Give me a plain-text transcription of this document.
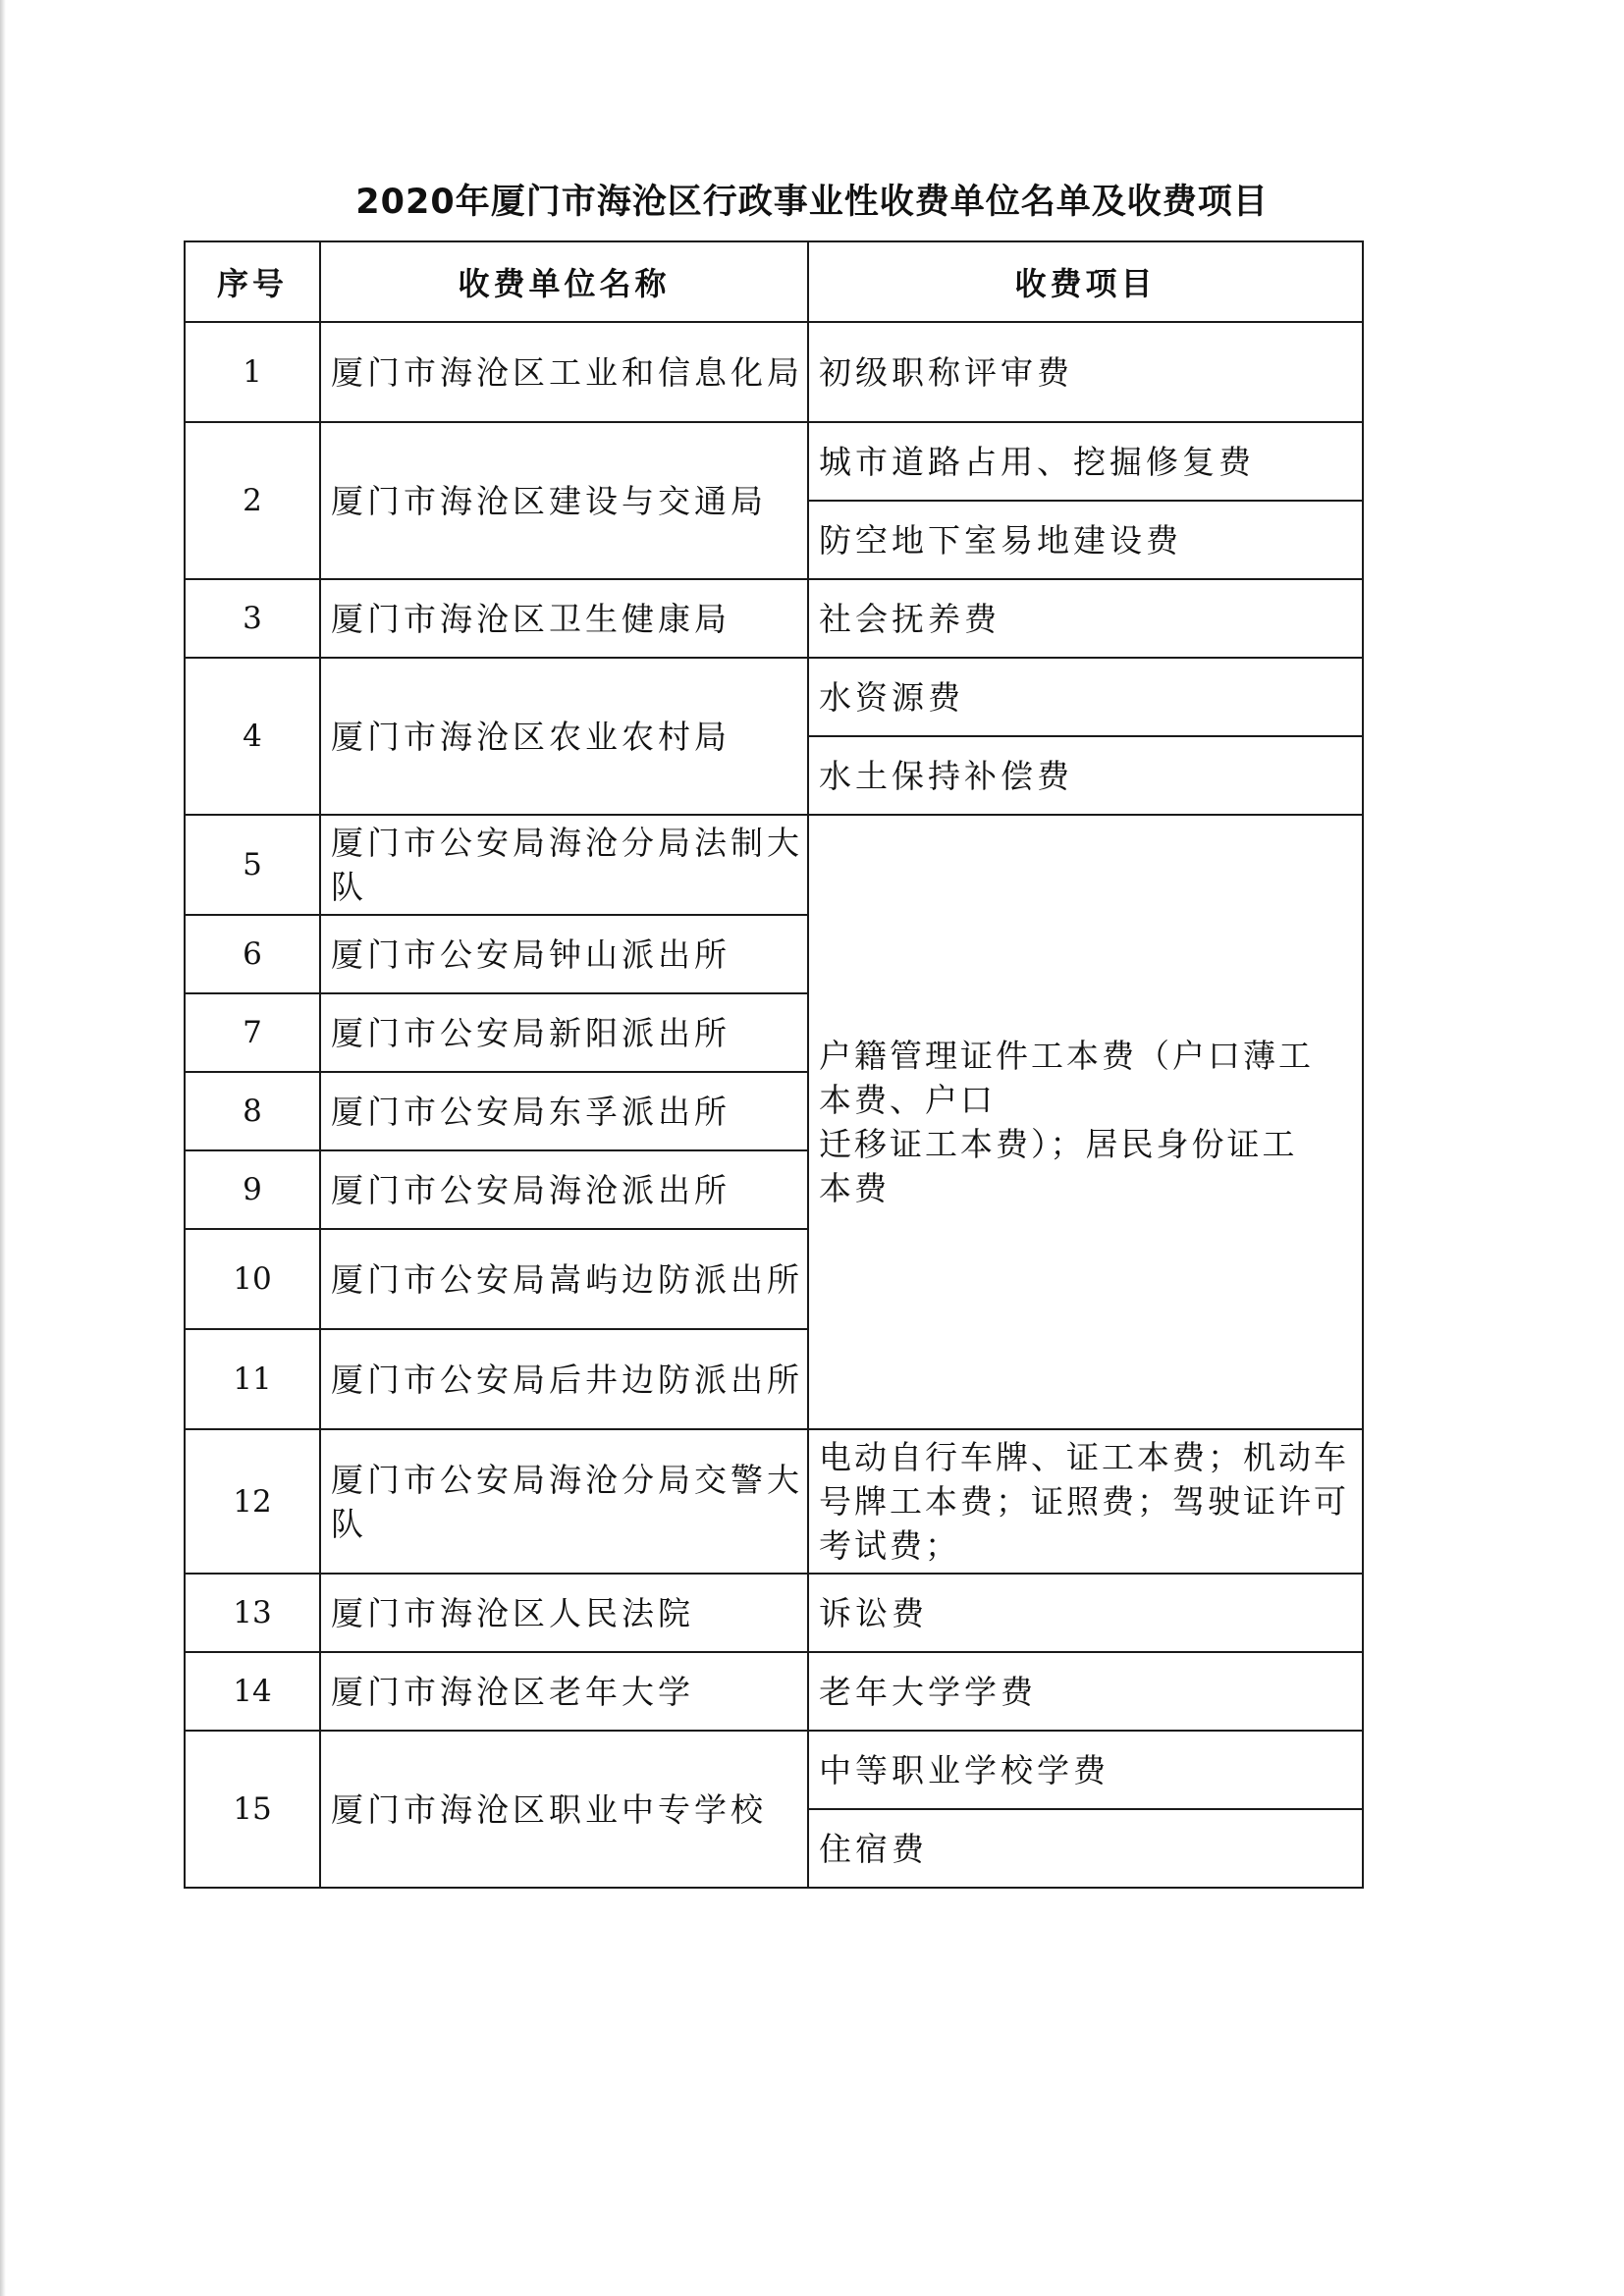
2020年厦门市海沧区行政事业性收费单位名单及收费项目
序号	收费单位名称	收费项目
1	厦门市海沧区工业和信息化局	初级职称评审费
2	厦门市海沧区建设与交通局	城市道路占用、挖掘修复费
		防空地下室易地建设费
3	厦门市海沧区卫生健康局	社会抚养费
4	厦门市海沧区农业农村局	水资源费
		水土保持补偿费
5	厦门市公安局海沧分局法制大队	户籍管理证件工本费（户口薄工
本费、户口
迁移证工本费）；居民身份证工
本费

6	厦门市公安局钟山派出所	
7	厦门市公安局新阳派出所	
8	厦门市公安局东孚派出所	
9	厦门市公安局海沧派出所	
10	厦门市公安局嵩屿边防派出所	
11	厦门市公安局后井边防派出所	
12	厦门市公安局海沧分局交警大队	电动自行车牌、证工本费；机动车号牌工本费；证照费；驾驶证许可考试费；
13	厦门市海沧区人民法院	诉讼费
14	厦门市海沧区老年大学	老年大学学费
15	厦门市海沧区职业中专学校	中等职业学校学费
		住宿费
